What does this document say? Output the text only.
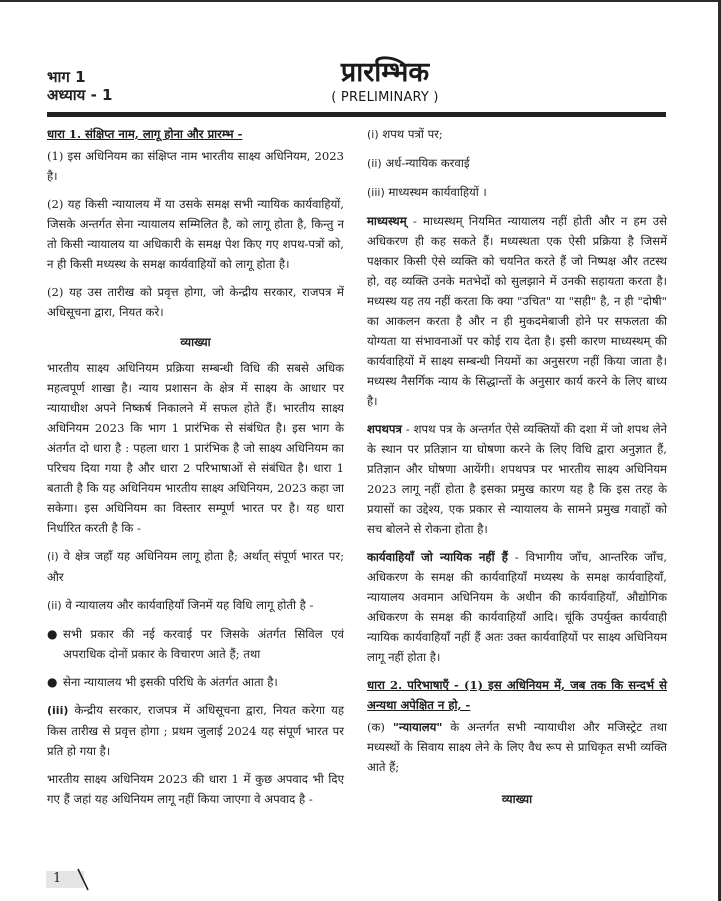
भाग 1
अध्याय - 1
प्रारम्भिक
( PRELIMINARY )

धारा 1. संक्षिप्त नाम, लागू होना और प्रारम्भ -

(1) इस अधिनियम का संक्षिप्त नाम भारतीय साक्ष्य अधिनियम, 2023 है।

(2) यह किसी न्यायालय में या उसके समक्ष सभी न्यायिक कार्यवाहियों, जिसके अन्तर्गत सेना न्यायालय सम्मिलित है, को लागू होता है, किन्तु न तो किसी न्यायालय या अधिकारी के समक्ष पेश किए गए शपथ-पत्रों को, न ही किसी मध्यस्थ के समक्ष कार्यवाहियों को लागू होता है।

(2) यह उस तारीख को प्रवृत्त होगा, जो केन्द्रीय सरकार, राजपत्र में अधिसूचना द्वारा, नियत करे।

व्याख्या

भारतीय साक्ष्य अधिनियम प्रक्रिया सम्बन्धी विधि की सबसे अधिक महत्वपूर्ण शाखा है। न्याय प्रशासन के क्षेत्र में साक्ष्य के आधार पर न्यायाधीश अपने निष्कर्ष निकालने में सफल होते हैं। भारतीय साक्ष्य अधिनियम 2023 कि भाग 1 प्रारंभिक से संबंधित है। इस भाग के अंतर्गत दो धारा है : पहला धारा 1 प्रारंभिक है जो साक्ष्य अधिनियम का परिचय दिया गया है और धारा 2 परिभाषाओं से संबंधित है। धारा 1 बताती है कि यह अधिनियम भारतीय साक्ष्य अधिनियम, 2023 कहा जा सकेगा। इस अधिनियम का विस्तार सम्पूर्ण भारत पर है। यह धारा निर्धारित करती है कि -

(i) वे क्षेत्र जहाँ यह अधिनियम लागू होता है; अर्थात् संपूर्ण भारत पर; और

(ii) वे न्यायालय और कार्यवाहियाँ जिनमें यह विधि लागू होती है -

● सभी प्रकार की नई करवाई पर जिसके अंतर्गत सिविल एवं अपराधिक दोनों प्रकार के विचारण आते हैं; तथा
● सेना न्यायालय भी इसकी परिधि के अंतर्गत आता है।

(iii) केन्द्रीय सरकार, राजपत्र में अधिसूचना द्वारा, नियत करेगा यह किस तारीख से प्रवृत्त होगा ; प्रथम जुलाई 2024 यह संपूर्ण भारत पर प्रति हो गया है।

भारतीय साक्ष्य अधिनियम 2023 की धारा 1 में कुछ अपवाद भी दिए गए हैं जहां यह अधिनियम लागू नहीं किया जाएगा वे अपवाद है -

(i) शपथ पत्रों पर;

(ii) अर्ध-न्यायिक करवाई

(iii) माध्यस्थम कार्यवाहियों ।

माध्यस्थम् - माध्यस्थम् नियमित न्यायालय नहीं होती और न हम उसे अधिकरण ही कह सकते हैं। मध्यस्थता एक ऐसी प्रक्रिया है जिसमें पक्षकार किसी ऐसे व्यक्ति को चयनित करते हैं जो निष्पक्ष और तटस्थ हो, वह व्यक्ति उनके मतभेदों को सुलझाने में उनकी सहायता करता है। मध्यस्थ यह तय नहीं करता कि क्या "उचित" या "सही" है, न ही "दोषी" का आकलन करता है और न ही मुकदमेबाजी होने पर सफलता की योग्यता या संभावनाओं पर कोई राय देता है। इसी कारण माध्यस्थम् की कार्यवाहियों में साक्ष्य सम्बन्धी नियमों का अनुसरण नहीं किया जाता है। मध्यस्थ नैसर्गिक न्याय के सिद्धान्तों के अनुसार कार्य करने के लिए बाध्य है।

शपथपत्र - शपथ पत्र के अन्तर्गत ऐसे व्यक्तियों की दशा में जो शपथ लेने के स्थान पर प्रतिज्ञान या घोषणा करने के लिए विधि द्वारा अनुज्ञात हैं, प्रतिज्ञान और घोषणा आयेंगी। शपथपत्र पर भारतीय साक्ष्य अधिनियम 2023 लागू नहीं होता है इसका प्रमुख कारण यह है कि इस तरह के प्रयासों का उद्देश्य, एक प्रकार से न्यायालय के सामने प्रमुख गवाहों को सच बोलने से रोकना होता है।

कार्यवाहियाँ जो न्यायिक नहीं हैं - विभागीय जाँच, आन्तरिक जाँच, अधिकरण के समक्ष की कार्यवाहियाँ मध्यस्थ के समक्ष कार्यवाहियाँ, न्यायालय अवमान अधिनियम के अधीन की कार्यवाहियाँ, औद्योगिक अधिकरण के समक्ष की कार्यवाहियाँ आदि। चूंकि उपर्युक्त कार्यवाही न्यायिक कार्यवाहियाँ नहीं हैं अतः उक्त कार्यवाहियों पर साक्ष्य अधिनियम लागू नहीं होता है।

धारा 2. परिभाषाएँ - (1) इस अधिनियम में, जब तक कि सन्दर्भ से अन्यथा अपेक्षित न हो, -

(क) "न्यायालय" के अन्तर्गत सभी न्यायाधीश और मजिस्ट्रेट तथा मध्यस्थों के सिवाय साक्ष्य लेने के लिए वैध रूप से प्राधिकृत सभी व्यक्ति आते हैं;

व्याख्या

1
